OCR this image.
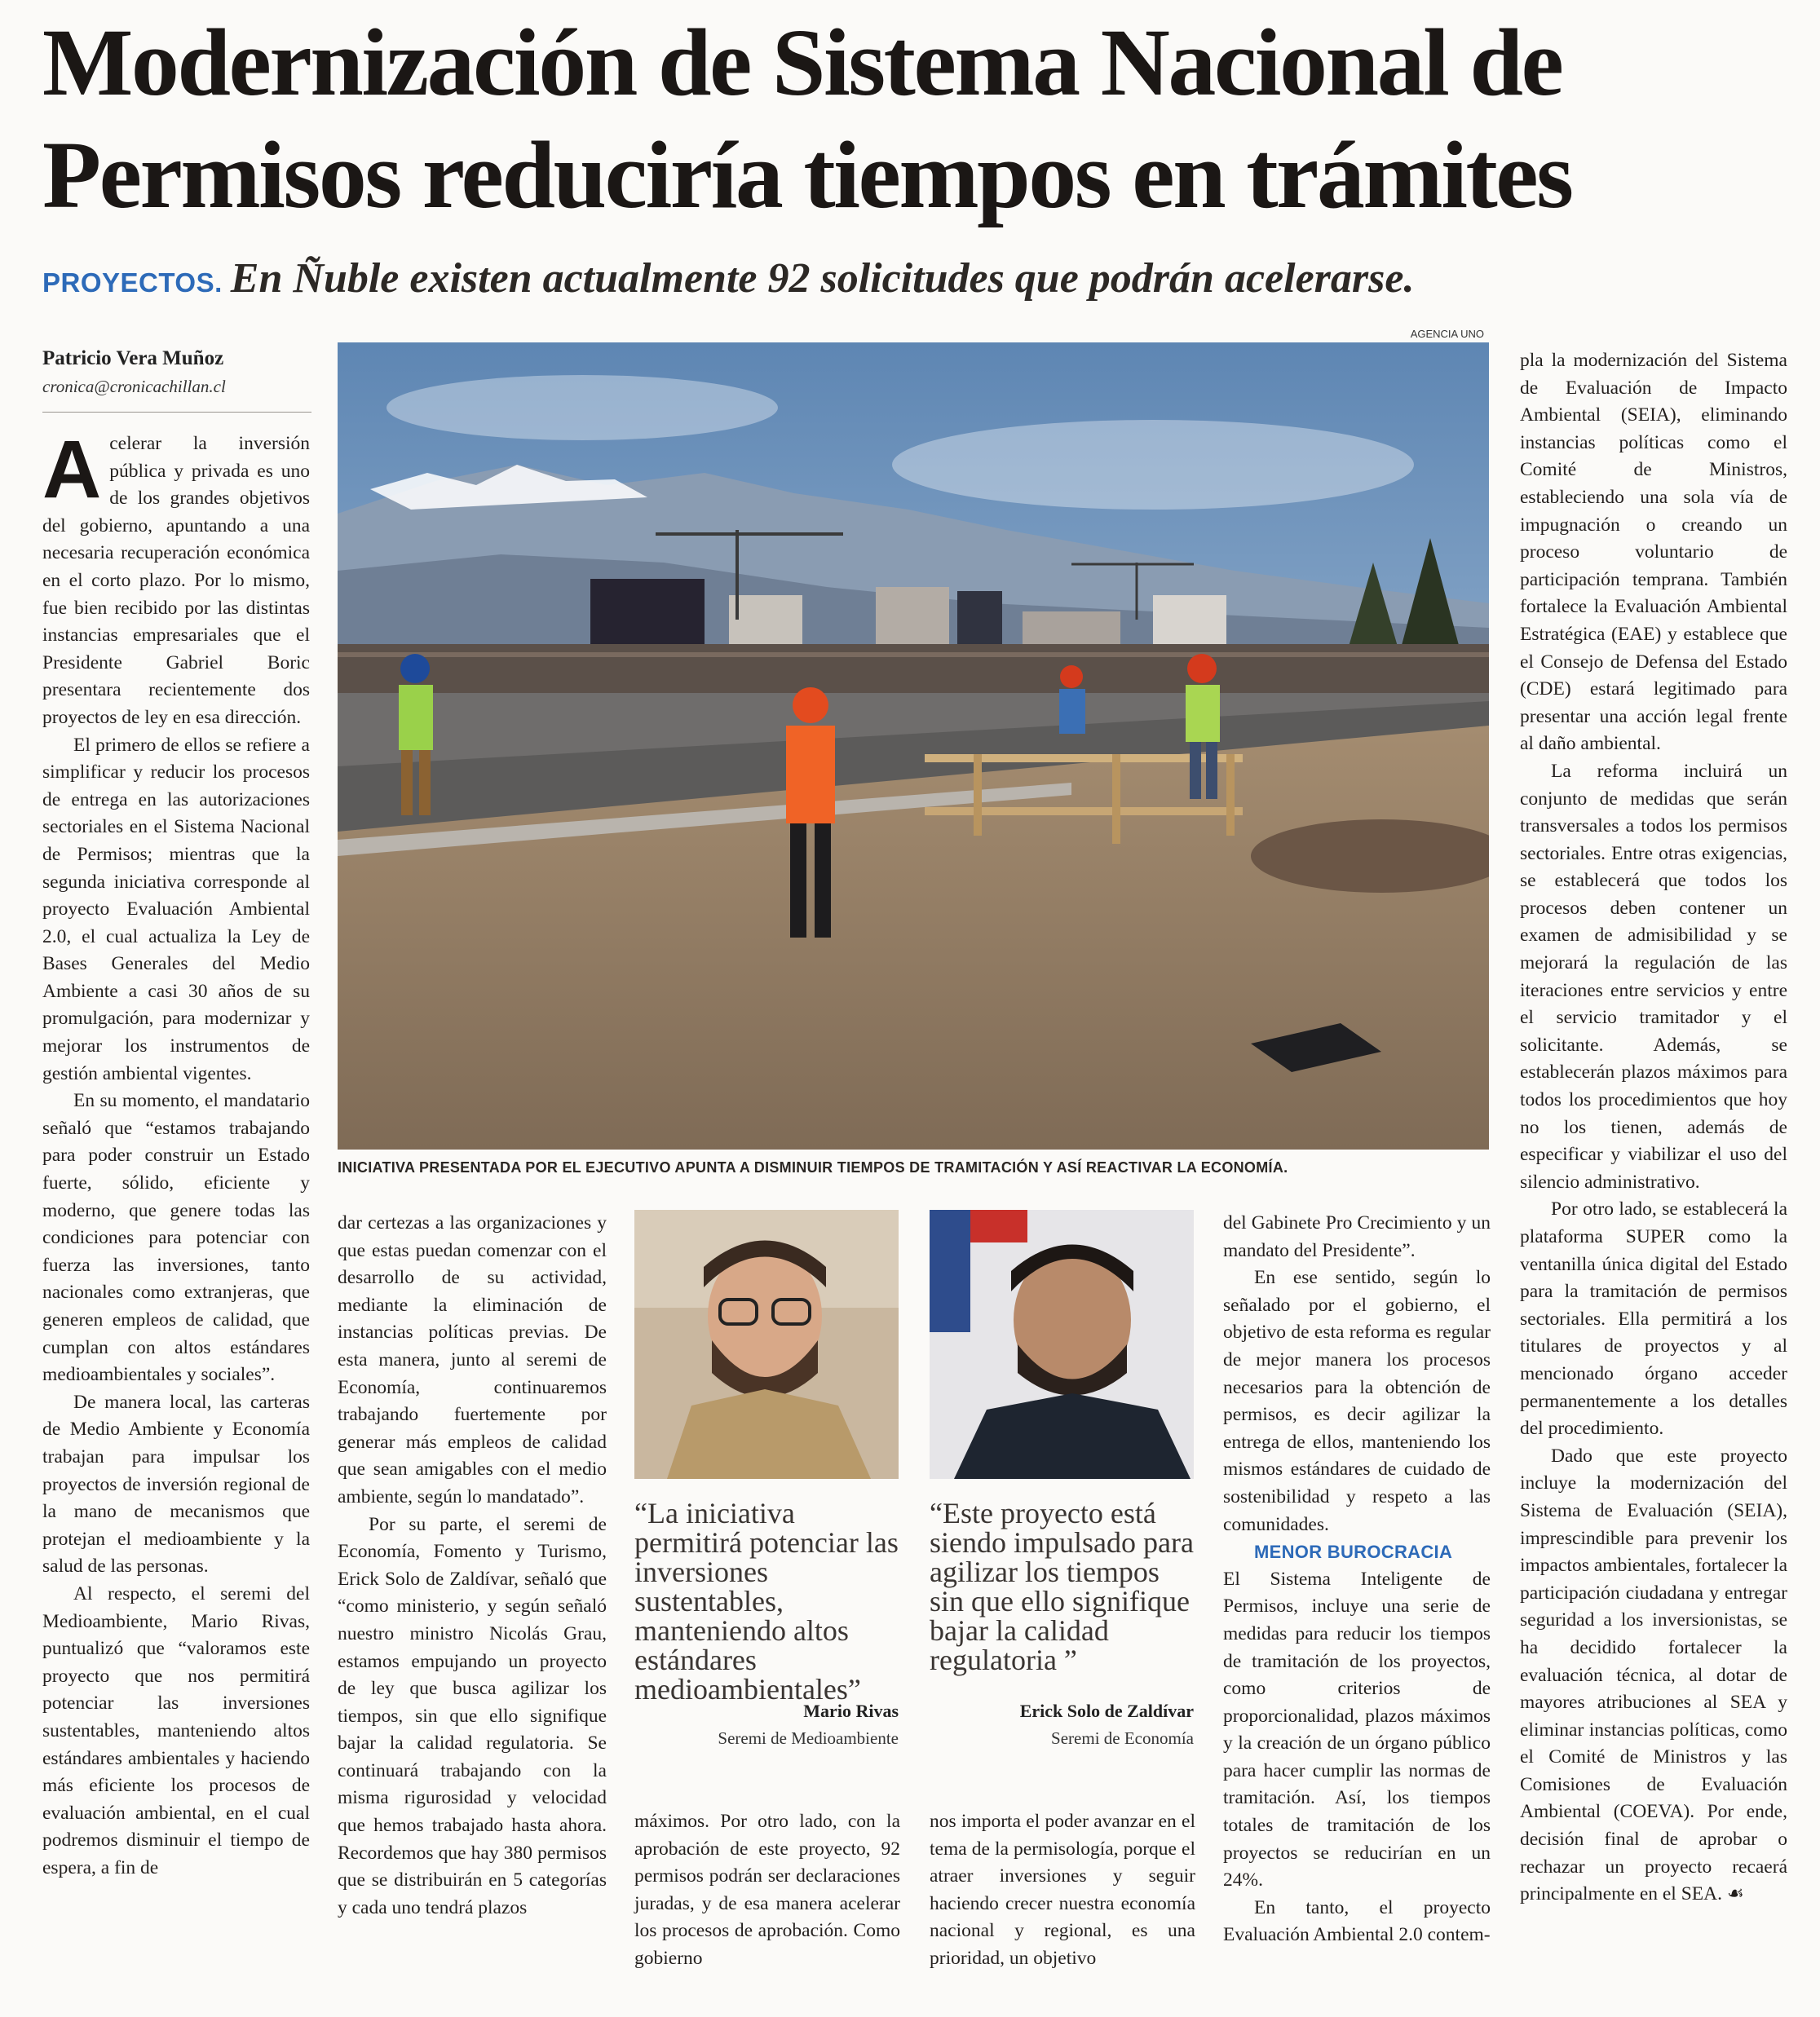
Modernización de Sistema Nacional de
Permisos reduciría tiempos en trámites
PROYECTOS. En Ñuble existen actualmente 92 solicitudes que podrán acelerarse.
Patricio Vera Muñoz
cronica@cronicachillan.cl

Acelerar la inversión pública y privada es uno de los grandes objetivos del gobierno, apuntando a una necesaria recuperación económica en el corto plazo. Por lo mismo, fue bien recibido por las distintas instancias empresariales que el Presidente Gabriel Boric presentara recientemente dos proyectos de ley en esa dirección.

El primero de ellos se refiere a simplificar y reducir los procesos de entrega en las autorizaciones sectoriales en el Sistema Nacional de Permisos; mientras que la segunda iniciativa corresponde al proyecto Evaluación Ambiental 2.0, el cual actualiza la Ley de Bases Generales del Medio Ambiente a casi 30 años de su promulgación, para modernizar y mejorar los instrumentos de gestión ambiental vigentes.

En su momento, el mandatario señaló que “estamos trabajando para poder construir un Estado fuerte, sólido, eficiente y moderno, que genere todas las condiciones para potenciar con fuerza las inversiones, tanto nacionales como extranjeras, que generen empleos de calidad, que cumplan con altos estándares medioambientales y sociales”.

De manera local, las carteras de Medio Ambiente y Economía trabajan para impulsar los proyectos de inversión regional de la mano de mecanismos que protejan el medioambiente y la salud de las personas.

Al respecto, el seremi del Medioambiente, Mario Rivas, puntualizó que “valoramos este proyecto que nos permitirá potenciar las inversiones sustentables, manteniendo altos estándares ambientales y haciendo más eficiente los procesos de evaluación ambiental, en el cual podremos disminuir el tiempo de espera, a fin de

AGENCIA UNO
INICIATIVA PRESENTADA POR EL EJECUTIVO APUNTA A DISMINUIR TIEMPOS DE TRAMITACIÓN Y ASÍ REACTIVAR LA ECONOMÍA.

dar certezas a las organizaciones y que estas puedan comenzar con el desarrollo de su actividad, mediante la eliminación de instancias políticas previas. De esta manera, junto al seremi de Economía, continuaremos trabajando fuertemente por generar más empleos de calidad que sean amigables con el medio ambiente, según lo mandatado”.

Por su parte, el seremi de Economía, Fomento y Turismo, Erick Solo de Zaldívar, señaló que “como ministerio, y según señaló nuestro ministro Nicolás Grau, estamos empujando un proyecto de ley que busca agilizar los tiempos, sin que ello signifique bajar la calidad regulatoria. Se continuará trabajando con la misma rigurosidad y velocidad que hemos trabajado hasta ahora. Recordemos que hay 380 permisos que se distribuirán en 5 categorías y cada uno tendrá plazos

“La iniciativa permitirá potenciar las inversiones sustentables, manteniendo altos estándares medioambientales”
Mario Rivas
Seremi de Medioambiente
“Este proyecto está siendo impulsado para agilizar los tiempos sin que ello signifique bajar la calidad regulatoria ”
Erick Solo de Zaldívar
Seremi de Economía

máximos. Por otro lado, con la aprobación de este proyecto, 92 permisos podrán ser declaraciones juradas, y de esa manera acelerar los procesos de aprobación. Como gobierno

nos importa el poder avanzar en el tema de la permisología, porque el atraer inversiones y seguir haciendo crecer nuestra economía nacional y regional, es una prioridad, un objetivo

del Gabinete Pro Crecimiento y un mandato del Presidente”.

En ese sentido, según lo señalado por el gobierno, el objetivo de esta reforma es regular de mejor manera los procesos necesarios para la obtención de permisos, es decir agilizar la entrega de ellos, manteniendo los mismos estándares de cuidado de sostenibilidad y respeto a las comunidades.

MENOR BUROCRACIA

El Sistema Inteligente de Permisos, incluye una serie de medidas para reducir los tiempos de tramitación de los proyectos, como criterios de proporcionalidad, plazos máximos y la creación de un órgano público para hacer cumplir las normas de tramitación. Así, los tiempos totales de tramitación de los proyectos se reducirían en un 24%.

En tanto, el proyecto Evaluación Ambiental 2.0 contem-

pla la modernización del Sistema de Evaluación de Impacto Ambiental (SEIA), eliminando instancias políticas como el Comité de Ministros, estableciendo una sola vía de impugnación o creando un proceso voluntario de participación temprana. También fortalece la Evaluación Ambiental Estratégica (EAE) y establece que el Consejo de Defensa del Estado (CDE) estará legitimado para presentar una acción legal frente al daño ambiental.

La reforma incluirá un conjunto de medidas que serán transversales a todos los permisos sectoriales. Entre otras exigencias, se establecerá que todos los procesos deben contener un examen de admisibilidad y se mejorará la regulación de las iteraciones entre servicios y entre el servicio tramitador y el solicitante. Además, se establecerán plazos máximos para todos los procedimientos que hoy no los tienen, además de especificar y viabilizar el uso del silencio administrativo.

Por otro lado, se establecerá la plataforma SUPER como la ventanilla única digital del Estado para la tramitación de permisos sectoriales. Ella permitirá a los titulares de proyectos y al mencionado órgano acceder permanentemente a los detalles del procedimiento.

Dado que este proyecto incluye la modernización del Sistema de Evaluación (SEIA), imprescindible para prevenir los impactos ambientales, fortalecer la participación ciudadana y entregar seguridad a los inversionistas, se ha decidido fortalecer la evaluación técnica, al dotar de mayores atribuciones al SEA y eliminar instancias políticas, como el Comité de Ministros y las Comisiones de Evaluación Ambiental (COEVA). Por ende, decisión final de aprobar o rechazar un proyecto recaerá principalmente en el SEA. ☙
